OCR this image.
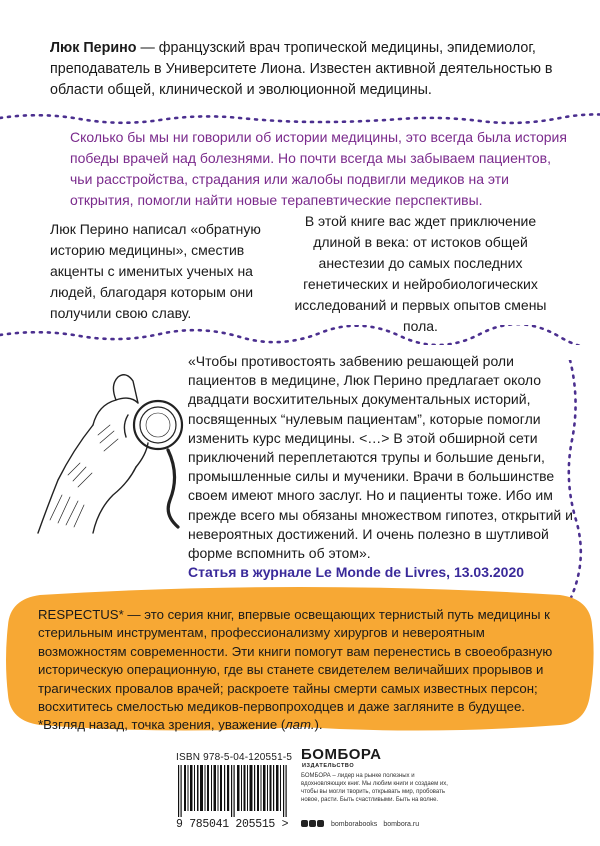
Люк Перино — французский врач тропической медицины, эпидемиолог, преподаватель в Университете Лиона. Известен активной деятельностью в области общей, клинической и эволюционной медицины.
Сколько бы мы ни говорили об истории медицины, это всегда была история победы врачей над болезнями. Но почти всегда мы забываем пациентов, чьи расстройства, страдания или жалобы подвигли медиков на эти открытия, помогли найти новые терапевтические перспективы.
Люк Перино написал «обратную историю медицины», сместив акценты с именитых ученых на людей, благодаря которым они получили свою славу.
В этой книге вас ждет приключение длиной в века: от истоков общей анестезии до самых последних генетических и нейробиологических исследований и первых опытов смены пола.
«Чтобы противостоять забвению решающей роли пациентов в медицине, Люк Перино предлагает около двадцати восхитительных документальных историй, посвященных “нулевым пациентам”, которые помогли изменить курс медицины. <…> В этой обширной сети приключений переплетаются трупы и большие деньги, промышленные силы и мученики. Врачи в большинстве своем имеют много заслуг. Но и пациенты тоже. Ибо им прежде всего мы обязаны множеством гипотез, открытий и невероятных достижений. И очень полезно в шутливой форме вспомнить об этом».
Статья в журнале Le Monde de Livres, 13.03.2020
RESPECTUS* — это серия книг, впервые освещающих тернистый путь медицины к стерильным инструментам, профессионализму хирургов и невероятным возможностям современности. Эти книги помогут вам перенестись в своеобразную историческую операционную, где вы станете свидетелем величайших прорывов и трагических провалов врачей; раскроете тайны смерти самых известных персон; восхититесь смелостью медиков-первопроходцев и даже загляните в будущее.
*Взгляд назад, точка зрения, уважение (лат.).
ISBN 978-5-04-120551-5
9 785041 205515 >
БОМБОРА
ИЗДАТЕЛЬСТВО
БОМБОРА – лидер на рынке полезных и вдохновляющих книг. Мы любим книги и создаем их, чтобы вы могли творить, открывать мир, пробовать новое, расти. Быть счастливыми. Быть на волне.
bomborabooks bombora.ru
